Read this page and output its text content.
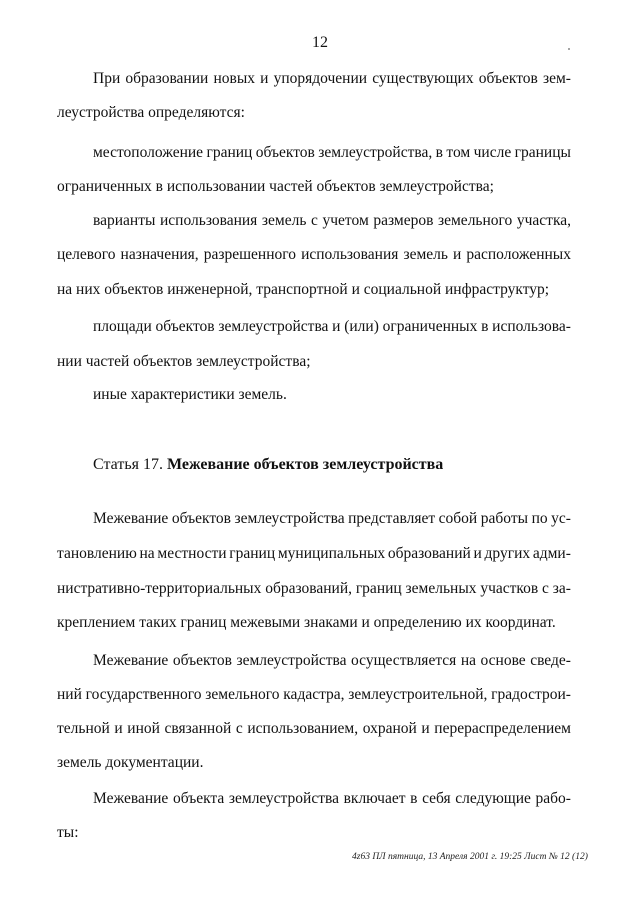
12
При образовании новых и упорядочении существующих объектов зем-
леустройства определяются:
местоположение границ объектов землеустройства, в том числе границы
ограниченных в использовании частей объектов землеустройства;
варианты использования земель с учетом размеров земельного участка,
целевого назначения, разрешенного использования земель и расположенных
на них объектов инженерной, транспортной и социальной инфраструктур;
площади объектов землеустройства и (или) ограниченных в использова-
нии частей объектов землеустройства;
иные характеристики земель.
Статья 17. Межевание объектов землеустройства
Межевание объектов землеустройства представляет собой работы по ус-
тановлению на местности границ муниципальных образований и других адми-
нистративно-территориальных образований, границ земельных участков с за-
креплением таких границ межевыми знаками и определению их координат.
Межевание объектов землеустройства осуществляется на основе сведе-
ний государственного земельного кадастра, землеустроительной, градострои-
тельной и иной связанной с использованием, охраной и перераспределением
земель документации.
Межевание объекта землеустройства включает в себя следующие рабо-
ты:
4z63 ПЛ пятница, 13 Апреля 2001 г. 19:25 Лист № 12 (12)
